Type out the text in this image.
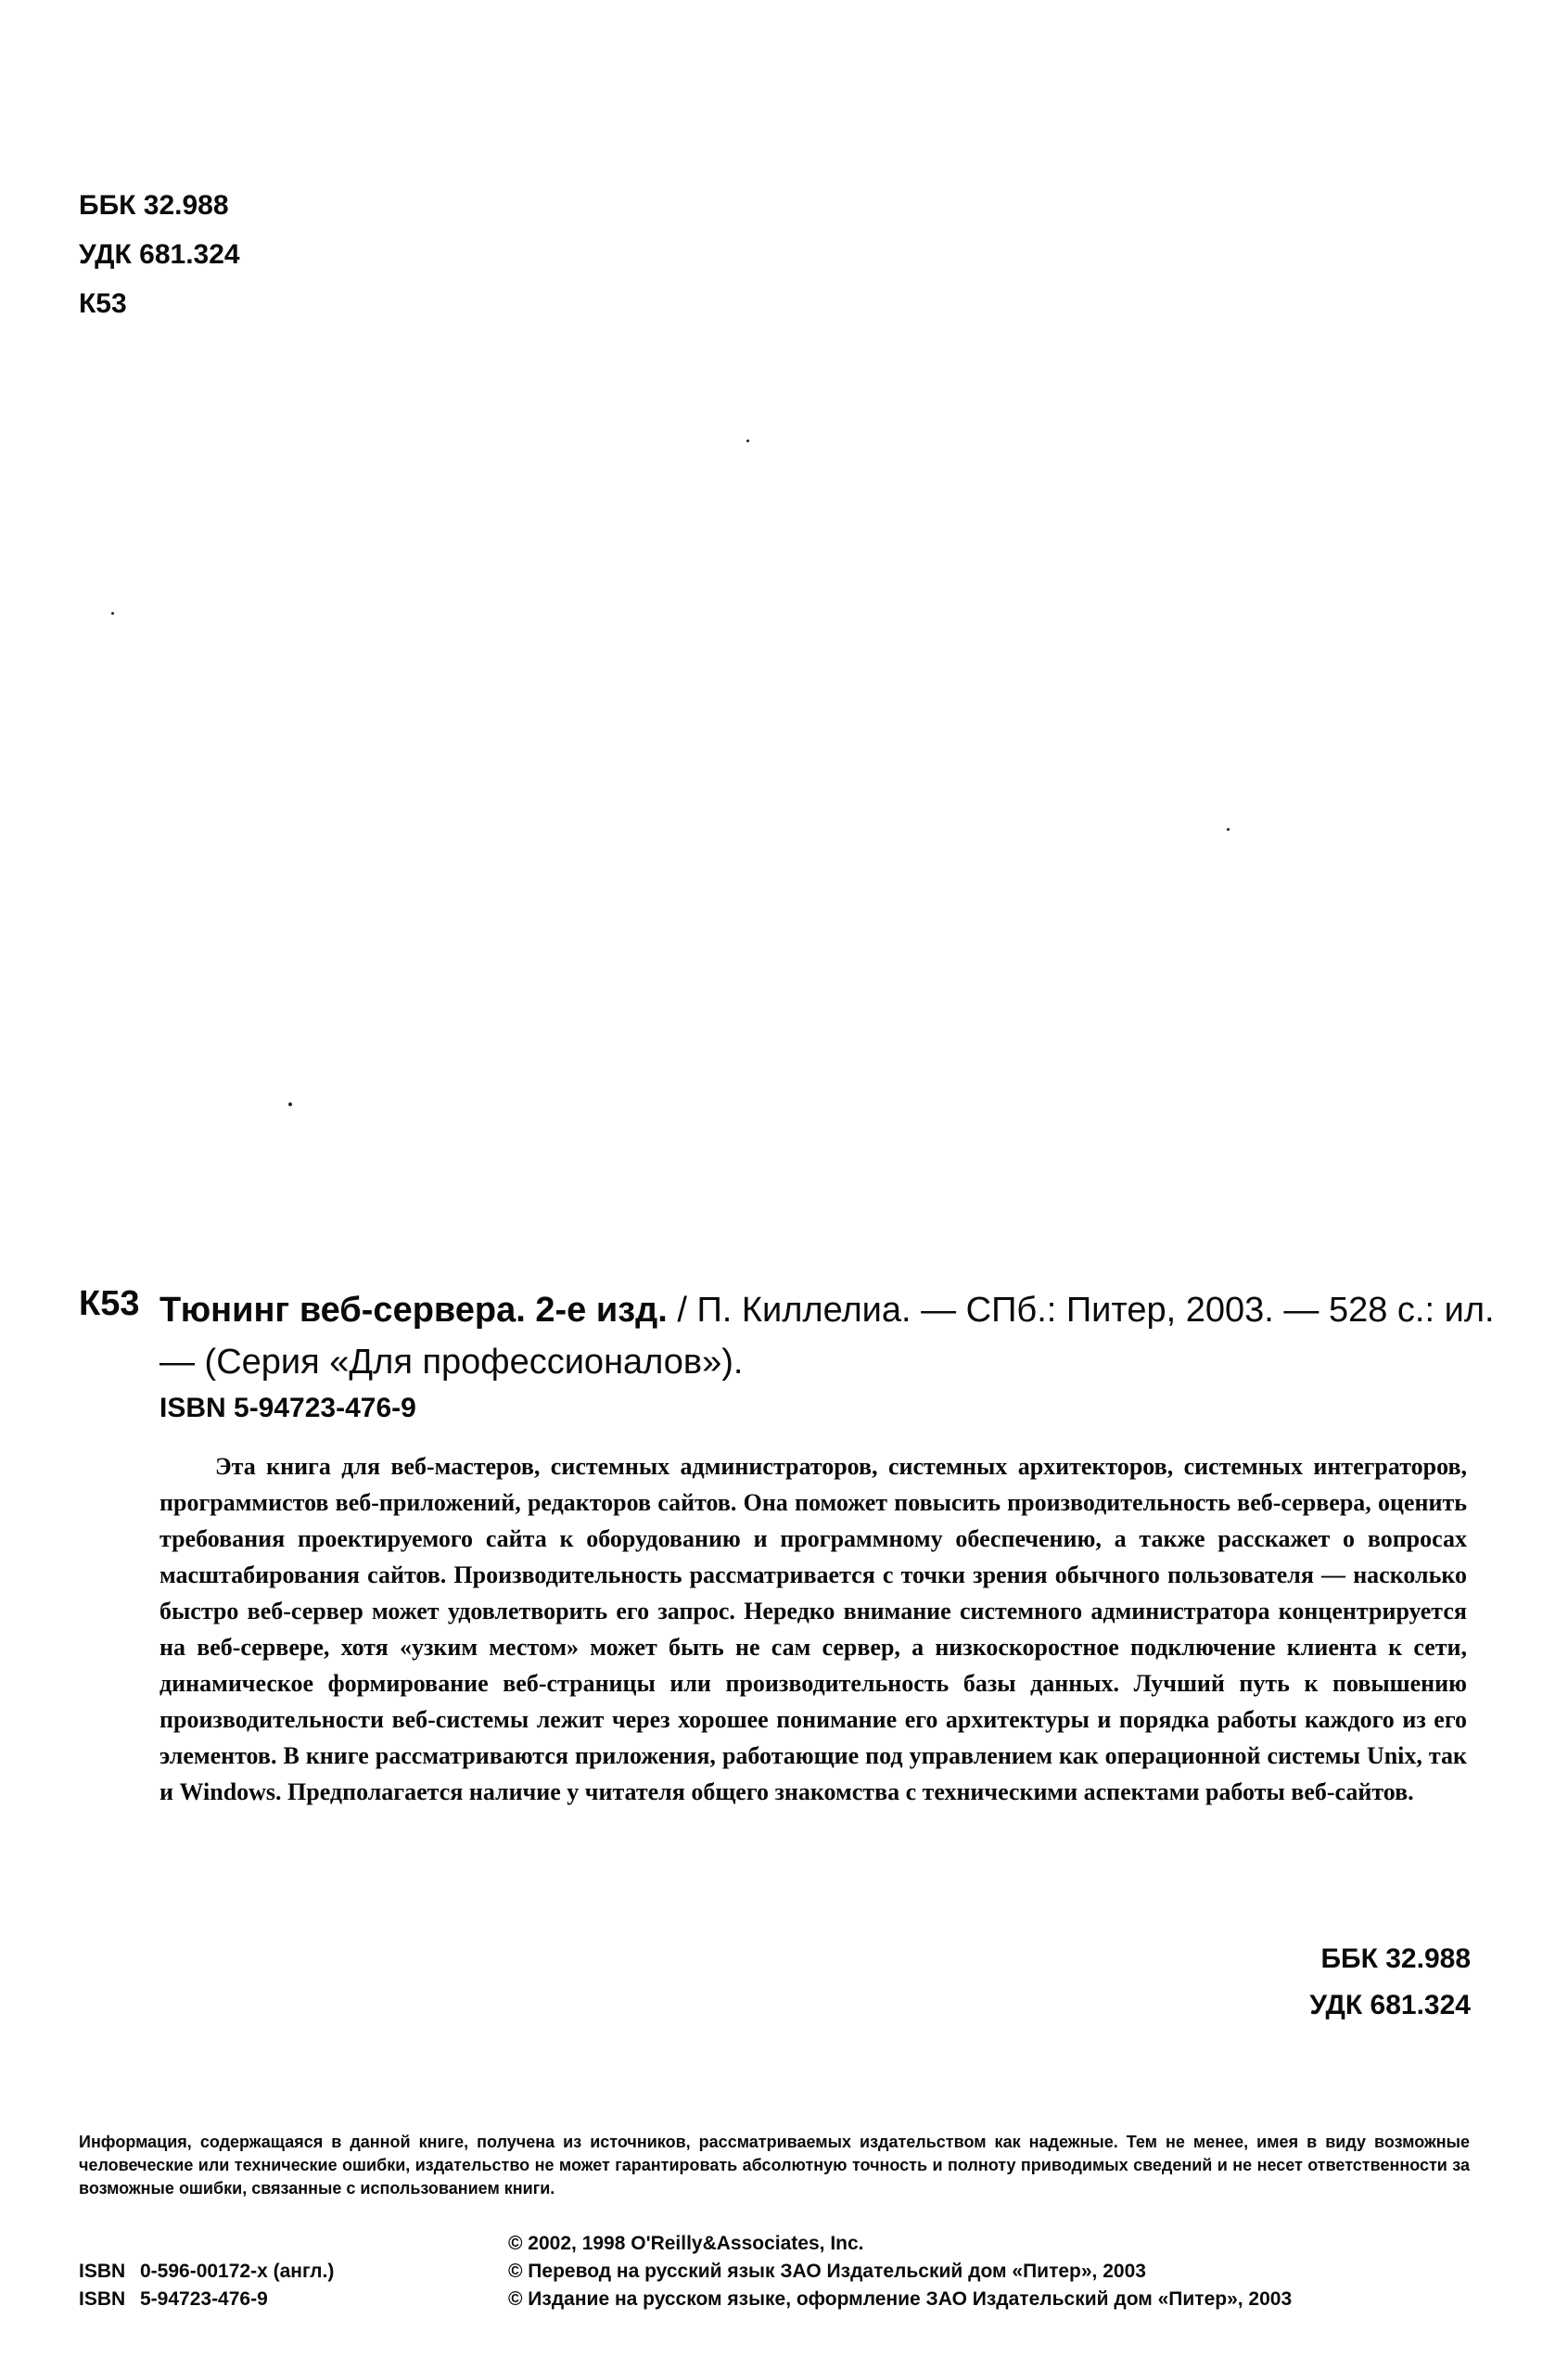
ББК 32.988
УДК 681.324
К53
К53 Тюнинг веб-сервера. 2-е изд. / П. Киллелиа. — СПб.: Питер, 2003. — 528 с.: ил. — (Серия «Для профессионалов»).
ISBN 5-94723-476-9
Эта книга для веб-мастеров, системных администраторов, системных архитекторов, системных интеграторов, программистов веб-приложений, редакторов сайтов. Она поможет повысить производительность веб-сервера, оценить требования проектируемого сайта к оборудованию и программному обеспечению, а также расскажет о вопросах масштабирования сайтов. Производительность рассматривается с точки зрения обычного пользователя — насколько быстро веб-сервер может удовлетворить его запрос. Нередко внимание системного администратора концентрируется на веб-сервере, хотя «узким местом» может быть не сам сервер, а низкоскоростное подключение клиента к сети, динамическое формирование веб-страницы или производительность базы данных. Лучший путь к повышению производительности веб-системы лежит через хорошее понимание его архитектуры и порядка работы каждого из его элементов. В книге рассматриваются приложения, работающие под управлением как операционной системы Unix, так и Windows. Предполагается наличие у читателя общего знакомства с техническими аспектами работы веб-сайтов.
ББК 32.988
УДК 681.324
Информация, содержащаяся в данной книге, получена из источников, рассматриваемых издательством как надежные. Тем не менее, имея в виду возможные человеческие или технические ошибки, издательство не может гарантировать абсолютную точность и полноту приводимых сведений и не несет ответственности за возможные ошибки, связанные с использованием книги.
© 2002, 1998 O'Reilly&Associates, Inc.
© Перевод на русский язык ЗАО Издательский дом «Питер», 2003
© Издание на русском языке, оформление ЗАО Издательский дом «Питер», 2003
ISBN 0-596-00172-x (англ.)
ISBN 5-94723-476-9
